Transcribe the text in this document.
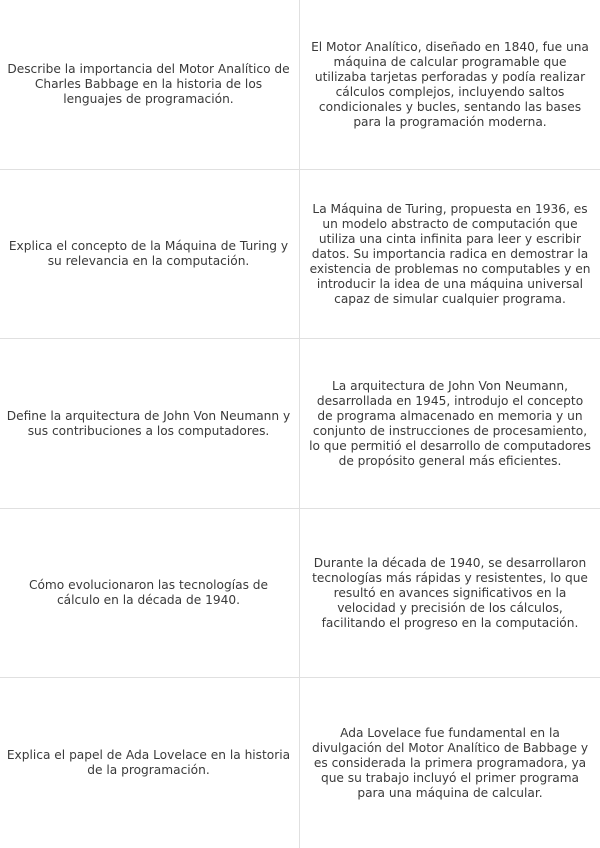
Describe la importancia del Motor Analítico de Charles Babbage en la historia de los lenguajes de programación.
El Motor Analítico, diseñado en 1840, fue una máquina de calcular programable que utilizaba tarjetas perforadas y podía realizar cálculos complejos, incluyendo saltos condicionales y bucles, sentando las bases para la programación moderna.
Explica el concepto de la Máquina de Turing y su relevancia en la computación.
La Máquina de Turing, propuesta en 1936, es un modelo abstracto de computación que utiliza una cinta infinita para leer y escribir datos. Su importancia radica en demostrar la existencia de problemas no computables y en introducir la idea de una máquina universal capaz de simular cualquier programa.
Define la arquitectura de John Von Neumann y sus contribuciones a los computadores.
La arquitectura de John Von Neumann, desarrollada en 1945, introdujo el concepto de programa almacenado en memoria y un conjunto de instrucciones de procesamiento, lo que permitió el desarrollo de computadores de propósito general más eficientes.
Cómo evolucionaron las tecnologías de cálculo en la década de 1940.
Durante la década de 1940, se desarrollaron tecnologías más rápidas y resistentes, lo que resultó en avances significativos en la velocidad y precisión de los cálculos, facilitando el progreso en la computación.
Explica el papel de Ada Lovelace en la historia de la programación.
Ada Lovelace fue fundamental en la divulgación del Motor Analítico de Babbage y es considerada la primera programadora, ya que su trabajo incluyó el primer programa para una máquina de calcular.
